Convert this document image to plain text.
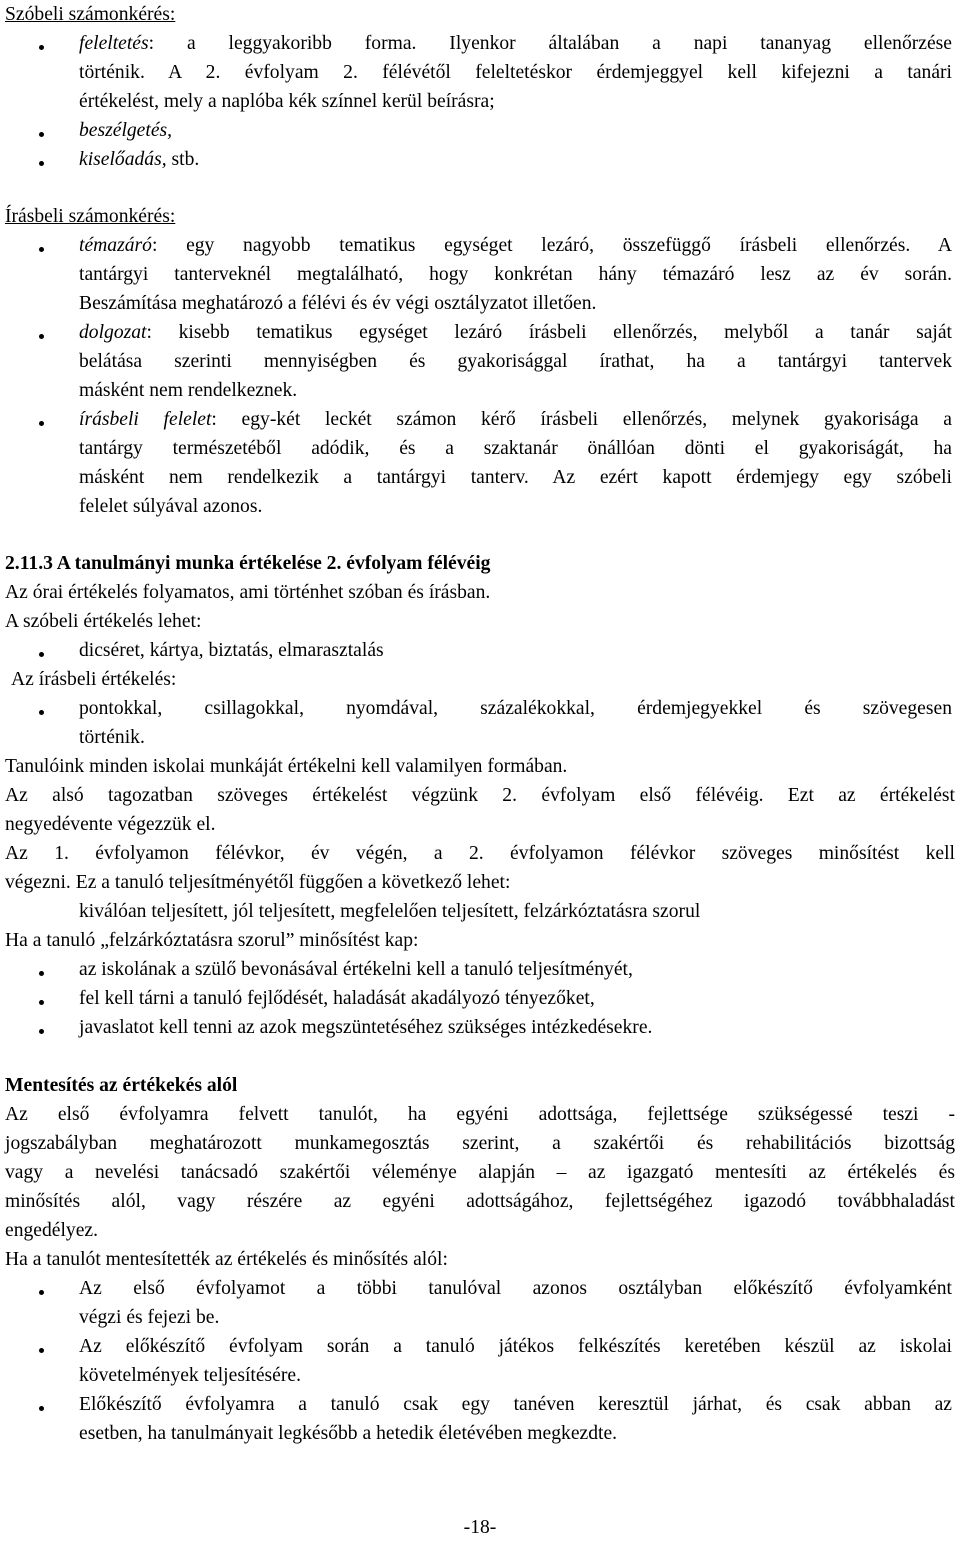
Szóbeli számonkérés:
feleltetés: a leggyakoribb forma. Ilyenkor általában a napi tananyag ellenőrzése
történik. A 2. évfolyam 2. félévétől feleltetéskor érdemjeggyel kell kifejezni a tanári
értékelést, mely a naplóba kék színnel kerül beírásra;
beszélgetés,
kiselőadás, stb.
Írásbeli számonkérés:
témazáró: egy nagyobb tematikus egységet lezáró, összefüggő írásbeli ellenőrzés. A
tantárgyi tanterveknél megtalálható, hogy konkrétan hány témazáró lesz az év során.
Beszámítása meghatározó a félévi és év végi osztályzatot illetően.
dolgozat: kisebb tematikus egységet lezáró írásbeli ellenőrzés, melyből a tanár saját
belátása szerinti mennyiségben és gyakorisággal írathat, ha a tantárgyi tantervek
másként nem rendelkeznek.
írásbeli felelet: egy-két leckét számon kérő írásbeli ellenőrzés, melynek gyakorisága a
tantárgy természetéből adódik, és a szaktanár önállóan dönti el gyakoriságát, ha
másként nem rendelkezik a tantárgyi tanterv. Az ezért kapott érdemjegy egy szóbeli
felelet súlyával azonos.
2.11.3 A tanulmányi munka értékelése 2. évfolyam félévéig
Az órai értékelés folyamatos, ami történhet szóban és írásban.
A szóbeli értékelés lehet:
dicséret, kártya, biztatás, elmarasztalás
Az írásbeli értékelés:
pontokkal, csillagokkal, nyomdával, százalékokkal, érdemjegyekkel és szövegesen
történik.
Tanulóink minden iskolai munkáját értékelni kell valamilyen formában.
Az alsó tagozatban szöveges értékelést végzünk 2. évfolyam első félévéig. Ezt az értékelést
negyedévente végezzük el.
Az 1. évfolyamon félévkor, év végén, a 2. évfolyamon félévkor szöveges minősítést kell
végezni. Ez a tanuló teljesítményétől függően a következő lehet:
kiválóan teljesített, jól teljesített, megfelelően teljesített, felzárkóztatásra szorul
Ha a tanuló „felzárkóztatásra szorul” minősítést kap:
az iskolának a szülő bevonásával értékelni kell a tanuló teljesítményét,
fel kell tárni a tanuló fejlődését, haladását akadályozó tényezőket,
javaslatot kell tenni az azok megszüntetéséhez szükséges intézkedésekre.
Mentesítés az értékekés alól
Az első évfolyamra felvett tanulót, ha egyéni adottsága, fejlettsége szükségessé teszi -
jogszabályban meghatározott munkamegosztás szerint, a szakértői és rehabilitációs bizottság
vagy a nevelési tanácsadó szakértői véleménye alapján – az igazgató mentesíti az értékelés és
minősítés alól, vagy részére az egyéni adottságához, fejlettségéhez igazodó továbbhaladást
engedélyez.
Ha a tanulót mentesítették az értékelés és minősítés alól:
Az első évfolyamot a többi tanulóval azonos osztályban előkészítő évfolyamként
végzi és fejezi be.
Az előkészítő évfolyam során a tanuló játékos felkészítés keretében készül az iskolai
követelmények teljesítésére.
Előkészítő évfolyamra a tanuló csak egy tanéven keresztül járhat, és csak abban az
esetben, ha tanulmányait legkésőbb a hetedik életévében megkezdte.
-18-
